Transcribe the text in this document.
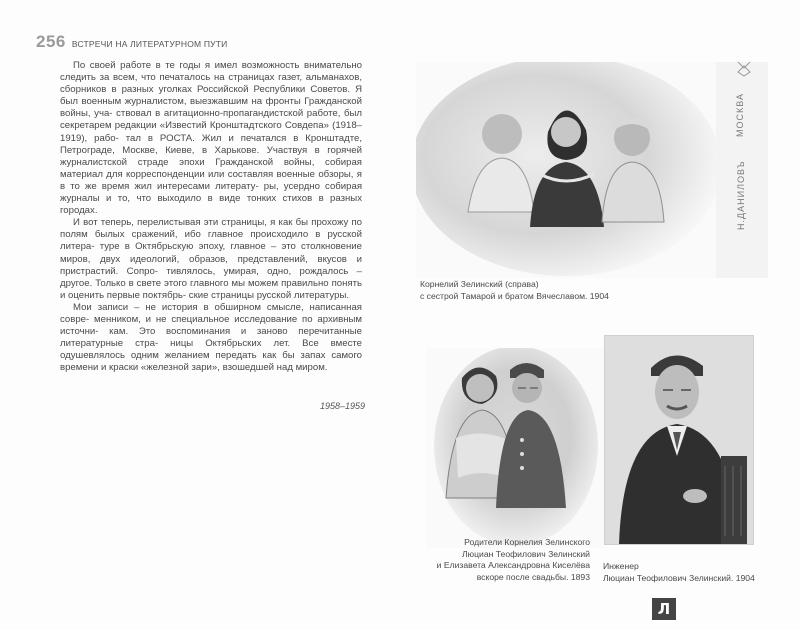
256 ВСТРЕЧИ НА ЛИТЕРАТУРНОМ ПУТИ

По своей работе в те годы я имел возможность внимательно следить за всем, что печаталось на страницах газет, альманахов, сборников в разных уголках Российской Республики Советов. Я был военным журналистом, выезжавшим на фронты Гражданской войны, уча- ствовал в агитационно-пропагандистской работе, был секретарем редакции «Известий Кронштадтского Совдепа» (1918–1919), рабо- тал в РОСТА. Жил и печатался в Кронштадте, Петрограде, Москве, Киеве, в Харькове. Участвуя в горячей журналистской страде эпохи Гражданской войны, собирая материал для корреспонденции или составляя военные обзоры, я в то же время жил интересами литерату- ры, усердно собирая журналы и то, что выходило в виде тонких стихов в разных городах.

И вот теперь, перелистывая эти страницы, я как бы прохожу по полям былых сражений, ибо главное происходило в русской литера- туре в Октябрьскую эпоху, главное – это столкновение миров, двух идеологий, образов, представлений, вкусов и пристрастий. Сопро- тивлялось, умирая, одно, рождалось – другое. Только в свете этого главного мы можем правильно понять и оценить первые поктябрь- ские страницы русской литературы.

Мои записи – не история в обширном смысле, написанная совре- менником, и не специальное исследование по архивным источни- кам. Это воспоминания и заново перечитанные литературные стра- ницы Октябрьских лет. Все вместе одушевлялось одним желанием передать как бы запах самого времени и краски «железной зари», взошедшей над миром.

1958–1959
Н.ДАНИЛОВЪ
МОСКВА
Корнелий Зелинский (справа)
с сестрой Тамарой и братом Вячеславом. 1904
Родители Корнелия Зелинского
Люциан Теофилович Зелинский
и Елизавета Александровна Киселёва
вскоре после свадьбы. 1893
Инженер
Люциан Теофилович Зелинский. 1904
Л
